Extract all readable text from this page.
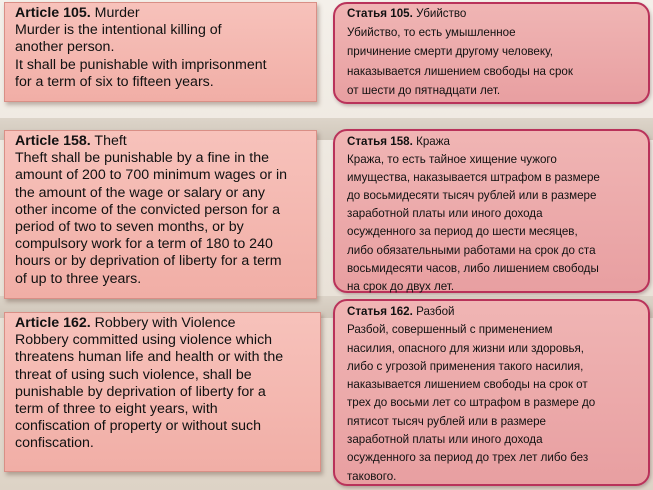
Article 105. Murder
Murder is the intentional killing of
another person.
It shall be punishable with imprisonment
for a term of six to fifteen years.
Статья 105. Убийство
Убийство, то есть умышленное
причинение смерти другому человеку,
наказывается лишением свободы на срок
от шести до пятнадцати лет.
Article 158. Theft
Theft shall be punishable by a fine in the
amount of 200 to 700 minimum wages or in
the amount of the wage or salary or any
other income of the convicted person for a
period of two to seven months, or by
compulsory work for a term of 180 to 240
hours or by deprivation of liberty for a term
of up to three years.
Статья 158. Кража
Кража, то есть тайное хищение чужого
имущества, наказывается штрафом в размере
до восьмидесяти тысяч рублей или в размере
заработной платы или иного дохода
осужденного за период до шести месяцев,
либо обязательными работами на срок до ста
восьмидесяти часов, либо лишением свободы
на срок до двух лет.
Article 162. Robbery with Violence
Robbery committed using violence which
threatens human life and health or with the
threat of using such violence, shall be
punishable by deprivation of liberty for a
term of three to eight years, with
confiscation of property or without such
confiscation.
Статья 162. Разбой
Разбой, совершенный с применением
насилия, опасного для жизни или здоровья,
либо с угрозой применения такого насилия,
наказывается лишением свободы на срок от
трех до восьми лет со штрафом в размере до
пятисот тысяч рублей или в размере
заработной платы или иного дохода
осужденного за период до трех лет либо без
такового.
